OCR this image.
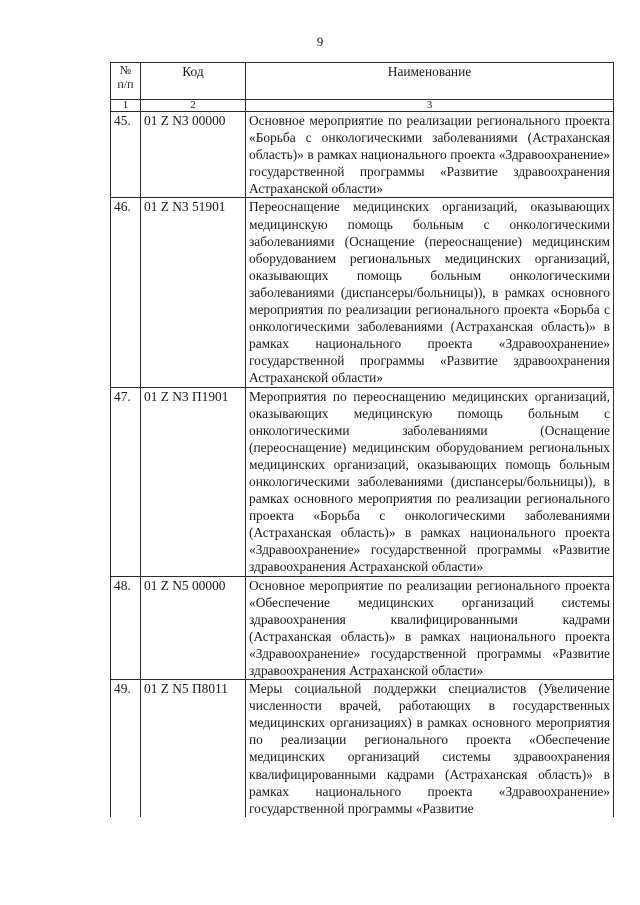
9
№ п/п	Код	Наименование
1	2	3
45.	01 Z N3 00000	Основное мероприятие по реализации регионального проекта «Борьба с онкологическими заболеваниями (Астраханская область)» в рамках национального проекта «Здравоохранение» государственной программы «Развитие здравоохранения Астраханской области»
46.	01 Z N3 51901	Переоснащение медицинских организаций, оказывающих медицинскую помощь больным с онкологическими заболеваниями (Оснащение (переоснащение) медицинским оборудованием региональных медицинских организаций, оказывающих помощь больным онкологическими заболеваниями (диспансеры/больницы)), в рамках основного мероприятия по реализации регионального проекта «Борьба с онкологическими заболеваниями (Астраханская область)» в рамках национального проекта «Здравоохранение» государственной программы «Развитие здравоохранения Астраханской области»
47.	01 Z N3 П1901	Мероприятия по переоснащению медицинских организаций, оказывающих медицинскую помощь больным с онкологическими заболеваниями (Оснащение (переоснащение) медицинским оборудованием региональных медицинских организаций, оказывающих помощь больным онкологическими заболеваниями (диспансеры/больницы)), в рамках основного мероприятия по реализации регионального проекта «Борьба с онкологическими заболеваниями (Астраханская область)» в рамках национального проекта «Здравоохранение» государственной программы «Развитие здравоохранения Астраханской области»
48.	01 Z N5 00000	Основное мероприятие по реализации регионального проекта «Обеспечение медицинских организаций системы здравоохранения квалифицированными кадрами (Астраханская область)» в рамках национального проекта «Здравоохранение» государственной программы «Развитие здравоохранения Астраханской области»
49.	01 Z N5 П8011	Меры социальной поддержки специалистов (Увеличение численности врачей, работающих в государственных медицинских организациях) в рамках основного мероприятия по реализации регионального проекта «Обеспечение медицинских организаций системы здравоохранения квалифицированными кадрами (Астраханская область)» в рамках национального проекта «Здравоохранение» государственной программы «Развитие
